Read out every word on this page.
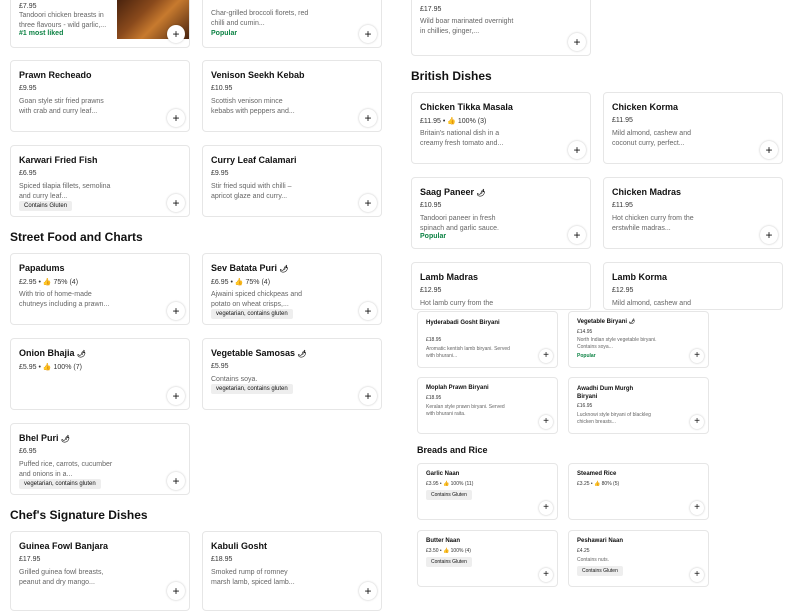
£7.95
Tandoori chicken breasts in three flavours - wild garlic,...
#1 most liked	+
Char-grilled broccoli florets, red chilli and cumin...
Popular	+
Prawn Recheado
£9.95
Goan style stir fried prawns with crab and curry leaf...	+
Venison Seekh Kebab
£10.95
Scottish venison mince kebabs with peppers and...	+
Karwari Fried Fish
£6.95
Spiced tilapia fillets, semolina and curry leaf...
Contains Gluten	+
Curry Leaf Calamari
£9.95
Stir fried squid with chilli – apricot glaze and curry...	+
Street Food and Charts
Papadums
£2.95 • 👍 75% (4)
With trio of home-made chutneys including a prawn...	+
Sev Batata Puri 🌶
£6.95 • 👍 75% (4)
Ajwaini spiced chickpeas and potato on wheat crisps,...
vegetarian, contains gluten	+
Onion Bhajia 🌶
£5.95 • 👍 100% (7)
+
Vegetable Samosas 🌶
£5.95
Contains soya.
vegetarian, contains gluten	+
Bhel Puri 🌶
£6.95
Puffed rice, carrots, cucumber and onions in a...
vegetarian, contains gluten	+
Chef's Signature Dishes
Guinea Fowl Banjara
£17.95
Grilled guinea fowl breasts, peanut and dry mango...
+
Kabuli Gosht
£18.95
Smoked rump of romney marsh lamb, spiced lamb...
+
£17.95
Wild boar marinated overnight in chillies, ginger,...
+
British Dishes
Chicken Tikka Masala
£11.95 • 👍 100% (3)
Britain's national dish in a creamy fresh tomato and...	+
Chicken Korma
£11.95
Mild almond, cashew and coconut curry, perfect...	+
Saag Paneer 🌶
£10.95
Tandoori paneer in fresh spinach and garlic sauce.
Popular	+
Chicken Madras
£11.95
Hot chicken curry from the erstwhile madras...	+
Lamb Madras
£12.95
Hot lamb curry from the
Lamb Korma
£12.95
Mild almond, cashew and
Hyderabadi Gosht Biryani
£18.95
Aromatic kentish lamb biryani. Served with bhurani...	+
Vegetable Biryani 🌶
£14.95
North Indian style vegetable biryani. Contains soya...
Popular	+
Moplah Prawn Biryani
£18.95
Keralan style prawn biryani. Served with bhurani raita.
+
Awadhi Dum Murgh Biryani
£16.95
Lucknowi style biryani of blackleg chicken breasts...	+
Breads and Rice
Garlic Naan
£3.95 • 👍 100% (11)
Contains Gluten
+
Steamed Rice
£3.25 • 👍 80% (5)
+
Butter Naan
£3.50 • 👍 100% (4)
Contains Gluten
+
Peshawari Naan
£4.25
Contains nuts.
Contains Gluten	+
